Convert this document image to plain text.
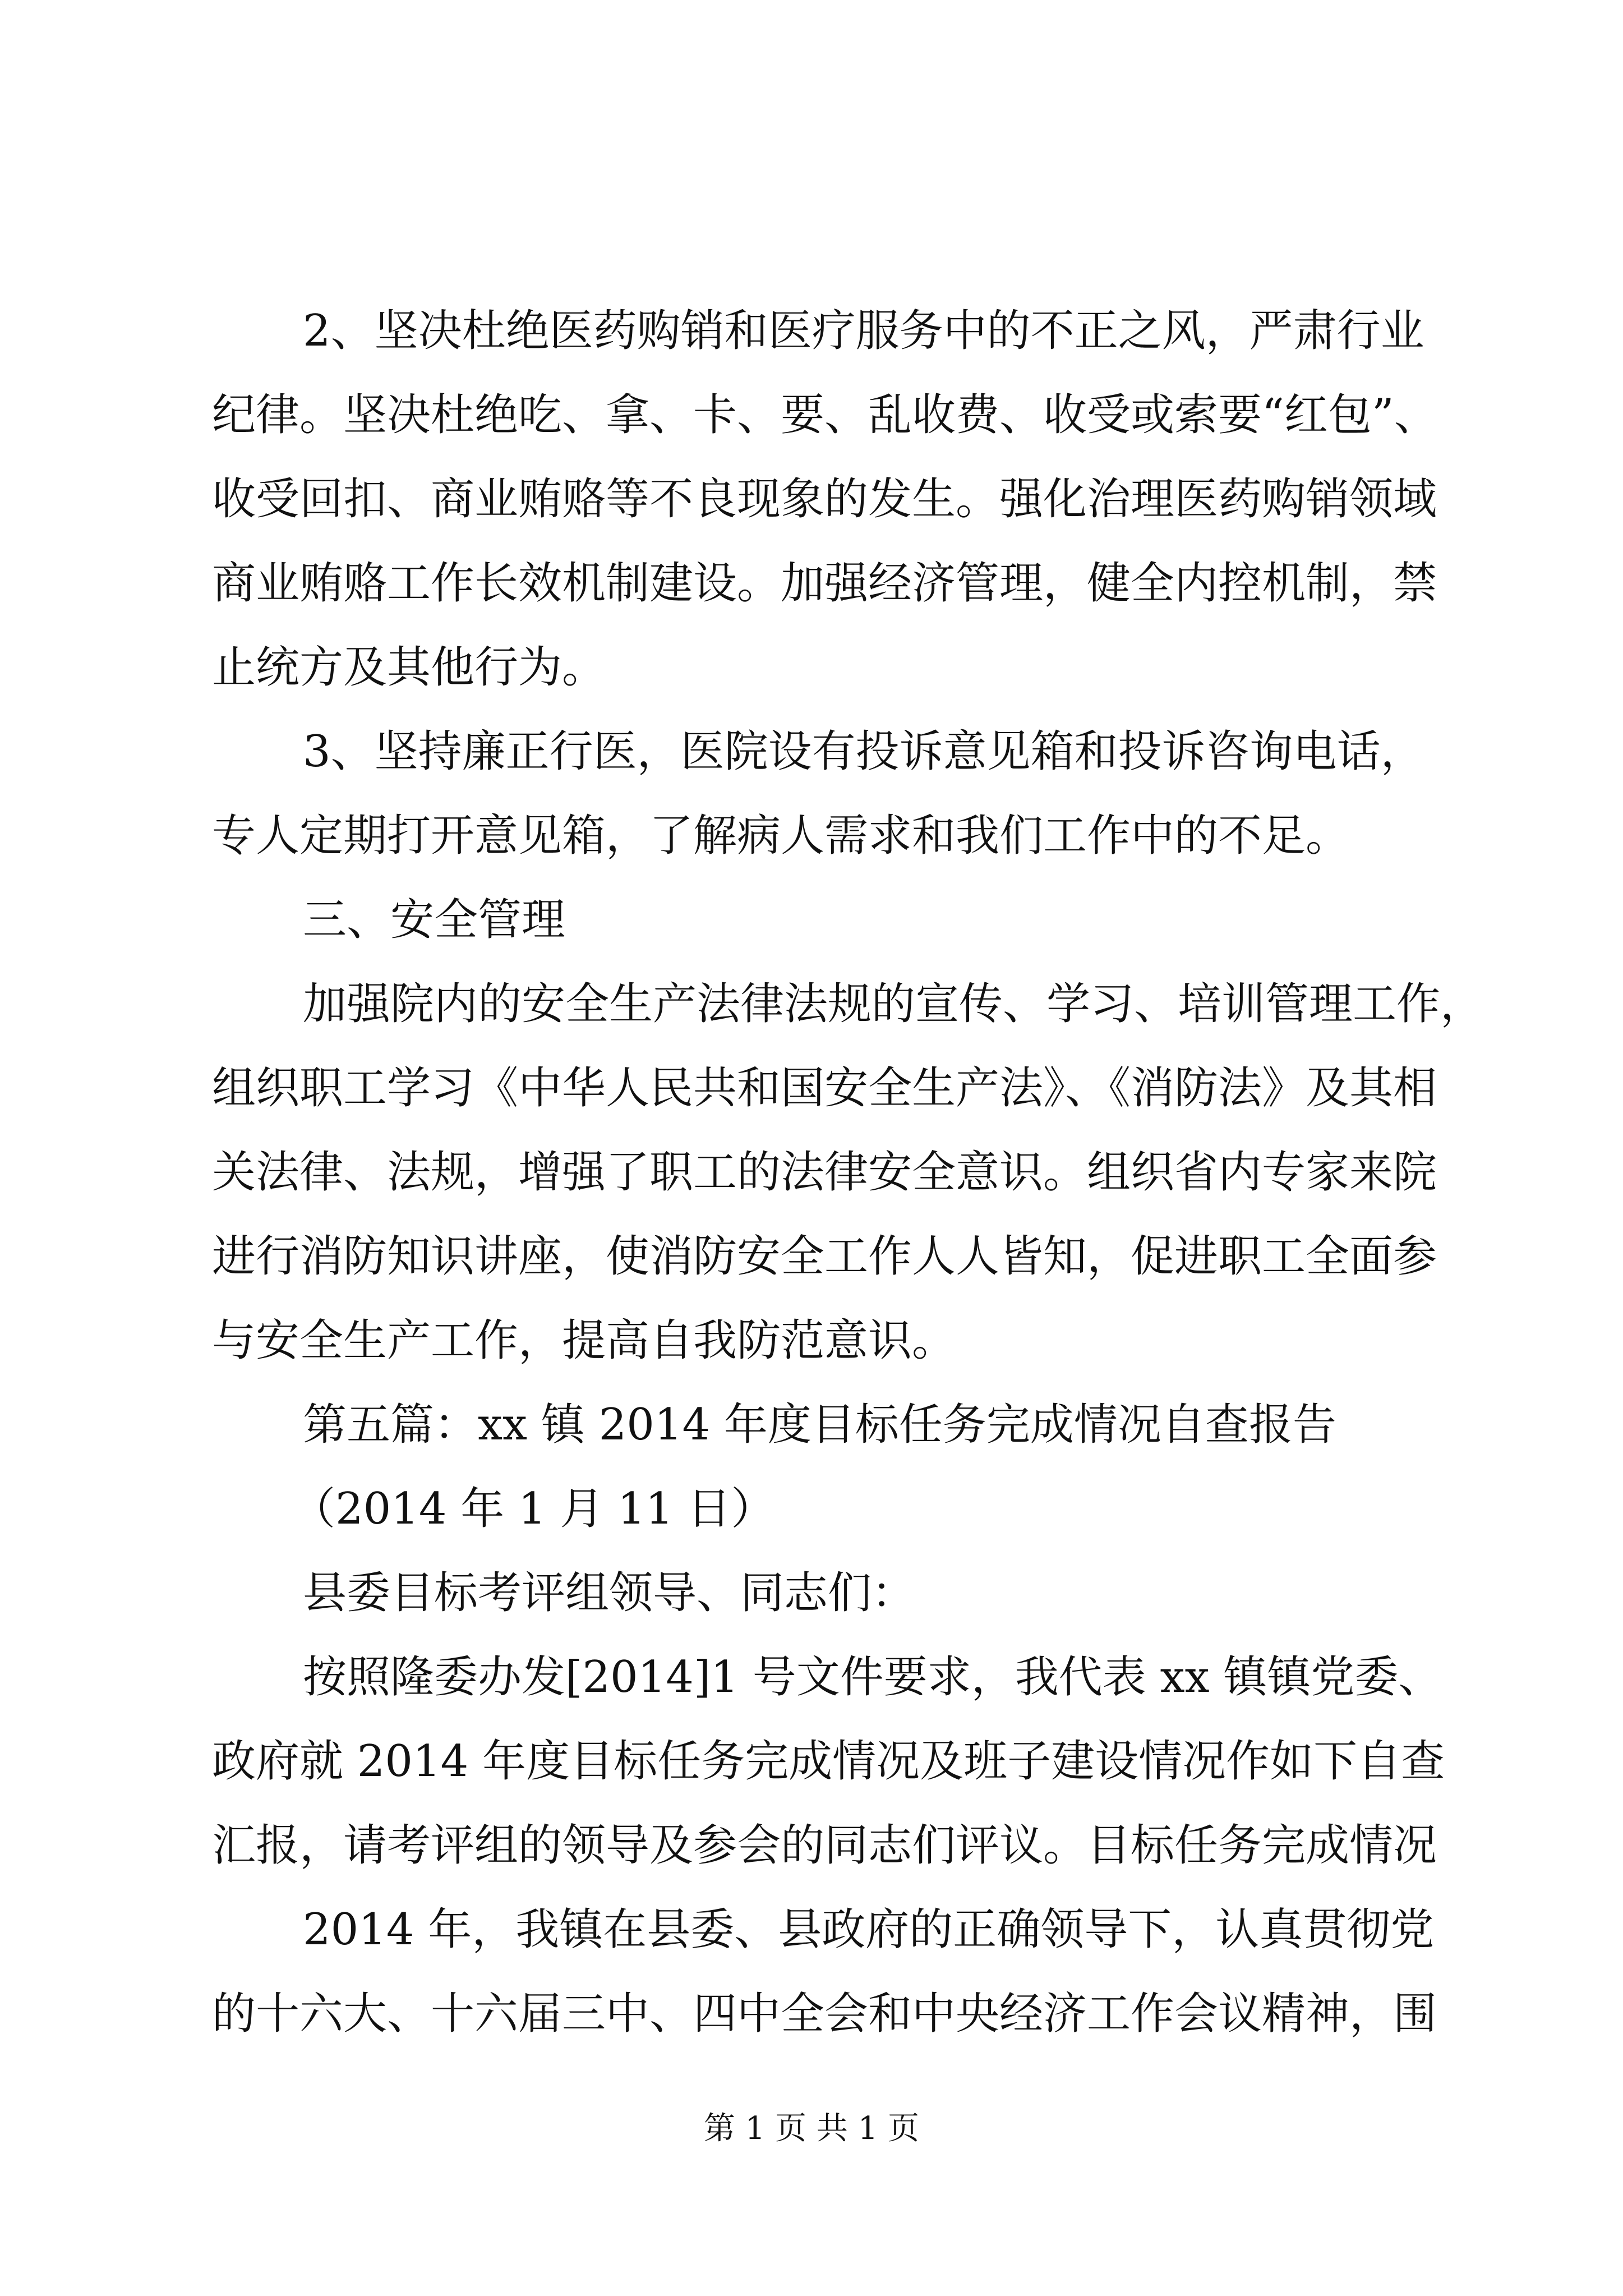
2、坚决杜绝医药购销和医疗服务中的不正之风，严肃行业
纪律。坚决杜绝吃、拿、卡、要、乱收费、收受或索要“红包”、
收受回扣、商业贿赂等不良现象的发生。强化治理医药购销领域
商业贿赂工作长效机制建设。加强经济管理，健全内控机制，禁
止统方及其他行为。
3、坚持廉正行医，医院设有投诉意见箱和投诉咨询电话，
专人定期打开意见箱，了解病人需求和我们工作中的不足。
三、安全管理
加强院内的安全生产法律法规的宣传、学习、培训管理工作，
组织职工学习《中华人民共和国安全生产法》、《消防法》及其相
关法律、法规，增强了职工的法律安全意识。组织省内专家来院
进行消防知识讲座，使消防安全工作人人皆知，促进职工全面参
与安全生产工作，提高自我防范意识。
第五篇：xx 镇 2014 年度目标任务完成情况自查报告
（2014 年 1 月 11 日）
县委目标考评组领导、同志们：
按照隆委办发[2014]1 号文件要求，我代表 xx 镇镇党委、
政府就 2014 年度目标任务完成情况及班子建设情况作如下自查
汇报，请考评组的领导及参会的同志们评议。目标任务完成情况
2014 年，我镇在县委、县政府的正确领导下，认真贯彻党
的十六大、十六届三中、四中全会和中央经济工作会议精神，围
第 1 页 共 1 页
